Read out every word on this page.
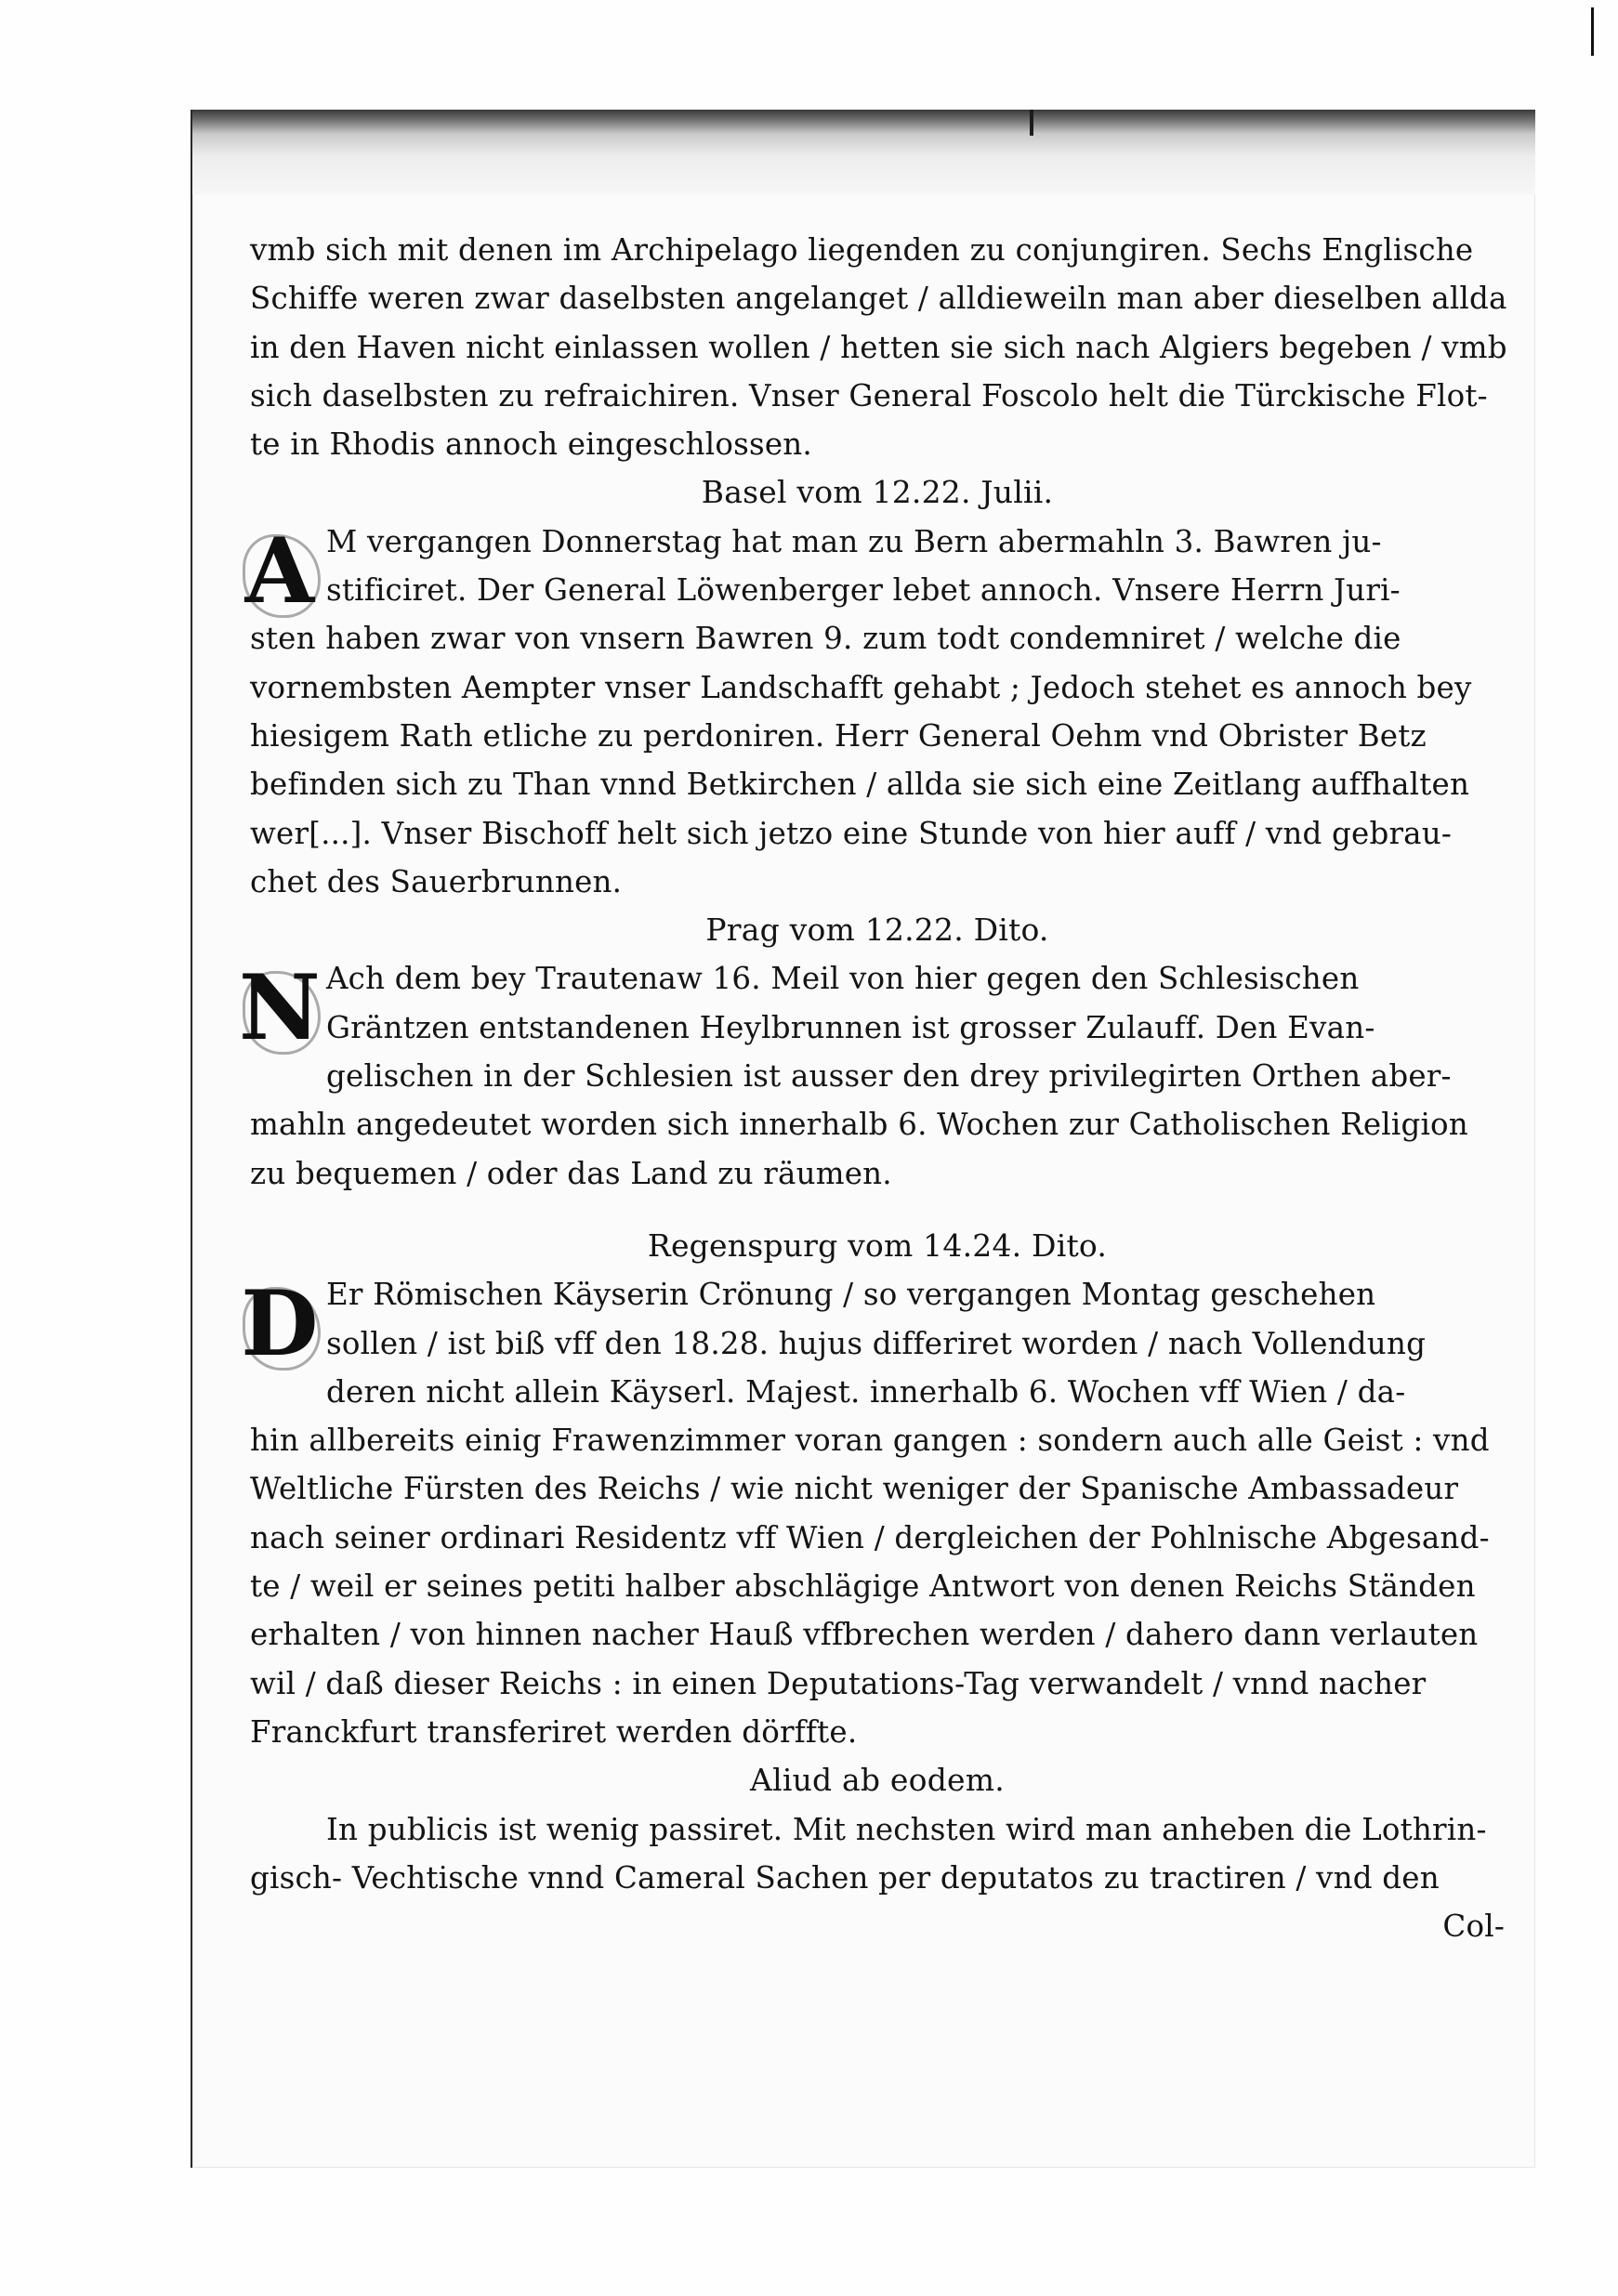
vmb sich mit denen im Archipelago liegenden zu conjungiren. Sechs Englische
Schiffe weren zwar daselbsten angelanget / alldieweiln man aber dieselben allda
in den Haven nicht einlassen wollen / hetten sie sich nach Algiers begeben / vmb
sich daselbsten zu refraichiren. Vnser General Foscolo helt die Türckische Flot-
te in Rhodis annoch eingeschlossen.
Basel vom 12.22. Julii.
A M vergangen Donnerstag hat man zu Bern abermahln 3. Bawren ju-
stificiret. Der General Löwenberger lebet annoch. Vnsere Herrn Juri-
sten haben zwar von vnsern Bawren 9. zum todt condemniret / welche die
vornembsten Aempter vnser Landschafft gehabt ; Jedoch stehet es annoch bey
hiesigem Rath etliche zu perdoniren. Herr General Oehm vnd Obrister Betz
befinden sich zu Than vnnd Betkirchen / allda sie sich eine Zeitlang auffhalten
wer[...]. Vnser Bischoff helt sich jetzo eine Stunde von hier auff / vnd gebrau-
chet des Sauerbrunnen.
Prag vom 12.22. Dito.
N Ach dem bey Trautenaw 16. Meil von hier gegen den Schlesischen
Gräntzen entstandenen Heylbrunnen ist grosser Zulauff. Den Evan-
gelischen in der Schlesien ist ausser den drey privilegirten Orthen aber-
mahln angedeutet worden sich innerhalb 6. Wochen zur Catholischen Religion
zu bequemen / oder das Land zu räumen.
Regenspurg vom 14.24. Dito.
D Er Römischen Käyserin Crönung / so vergangen Montag geschehen
sollen / ist biß vff den 18.28. hujus differiret worden / nach Vollendung
deren nicht allein Käyserl. Majest. innerhalb 6. Wochen vff Wien / da-
hin allbereits einig Frawenzimmer voran gangen : sondern auch alle Geist : vnd
Weltliche Fürsten des Reichs / wie nicht weniger der Spanische Ambassadeur
nach seiner ordinari Residentz vff Wien / dergleichen der Pohlnische Abgesand-
te / weil er seines petiti halber abschlägige Antwort von denen Reichs Ständen
erhalten / von hinnen nacher Hauß vffbrechen werden / dahero dann verlauten
wil / daß dieser Reichs : in einen Deputations-Tag verwandelt / vnnd nacher
Franckfurt transferiret werden dörffte.
Aliud ab eodem.
In publicis ist wenig passiret. Mit nechsten wird man anheben die Lothrin-
gisch- Vechtische vnnd Cameral Sachen per deputatos zu tractiren / vnd den
Col-
